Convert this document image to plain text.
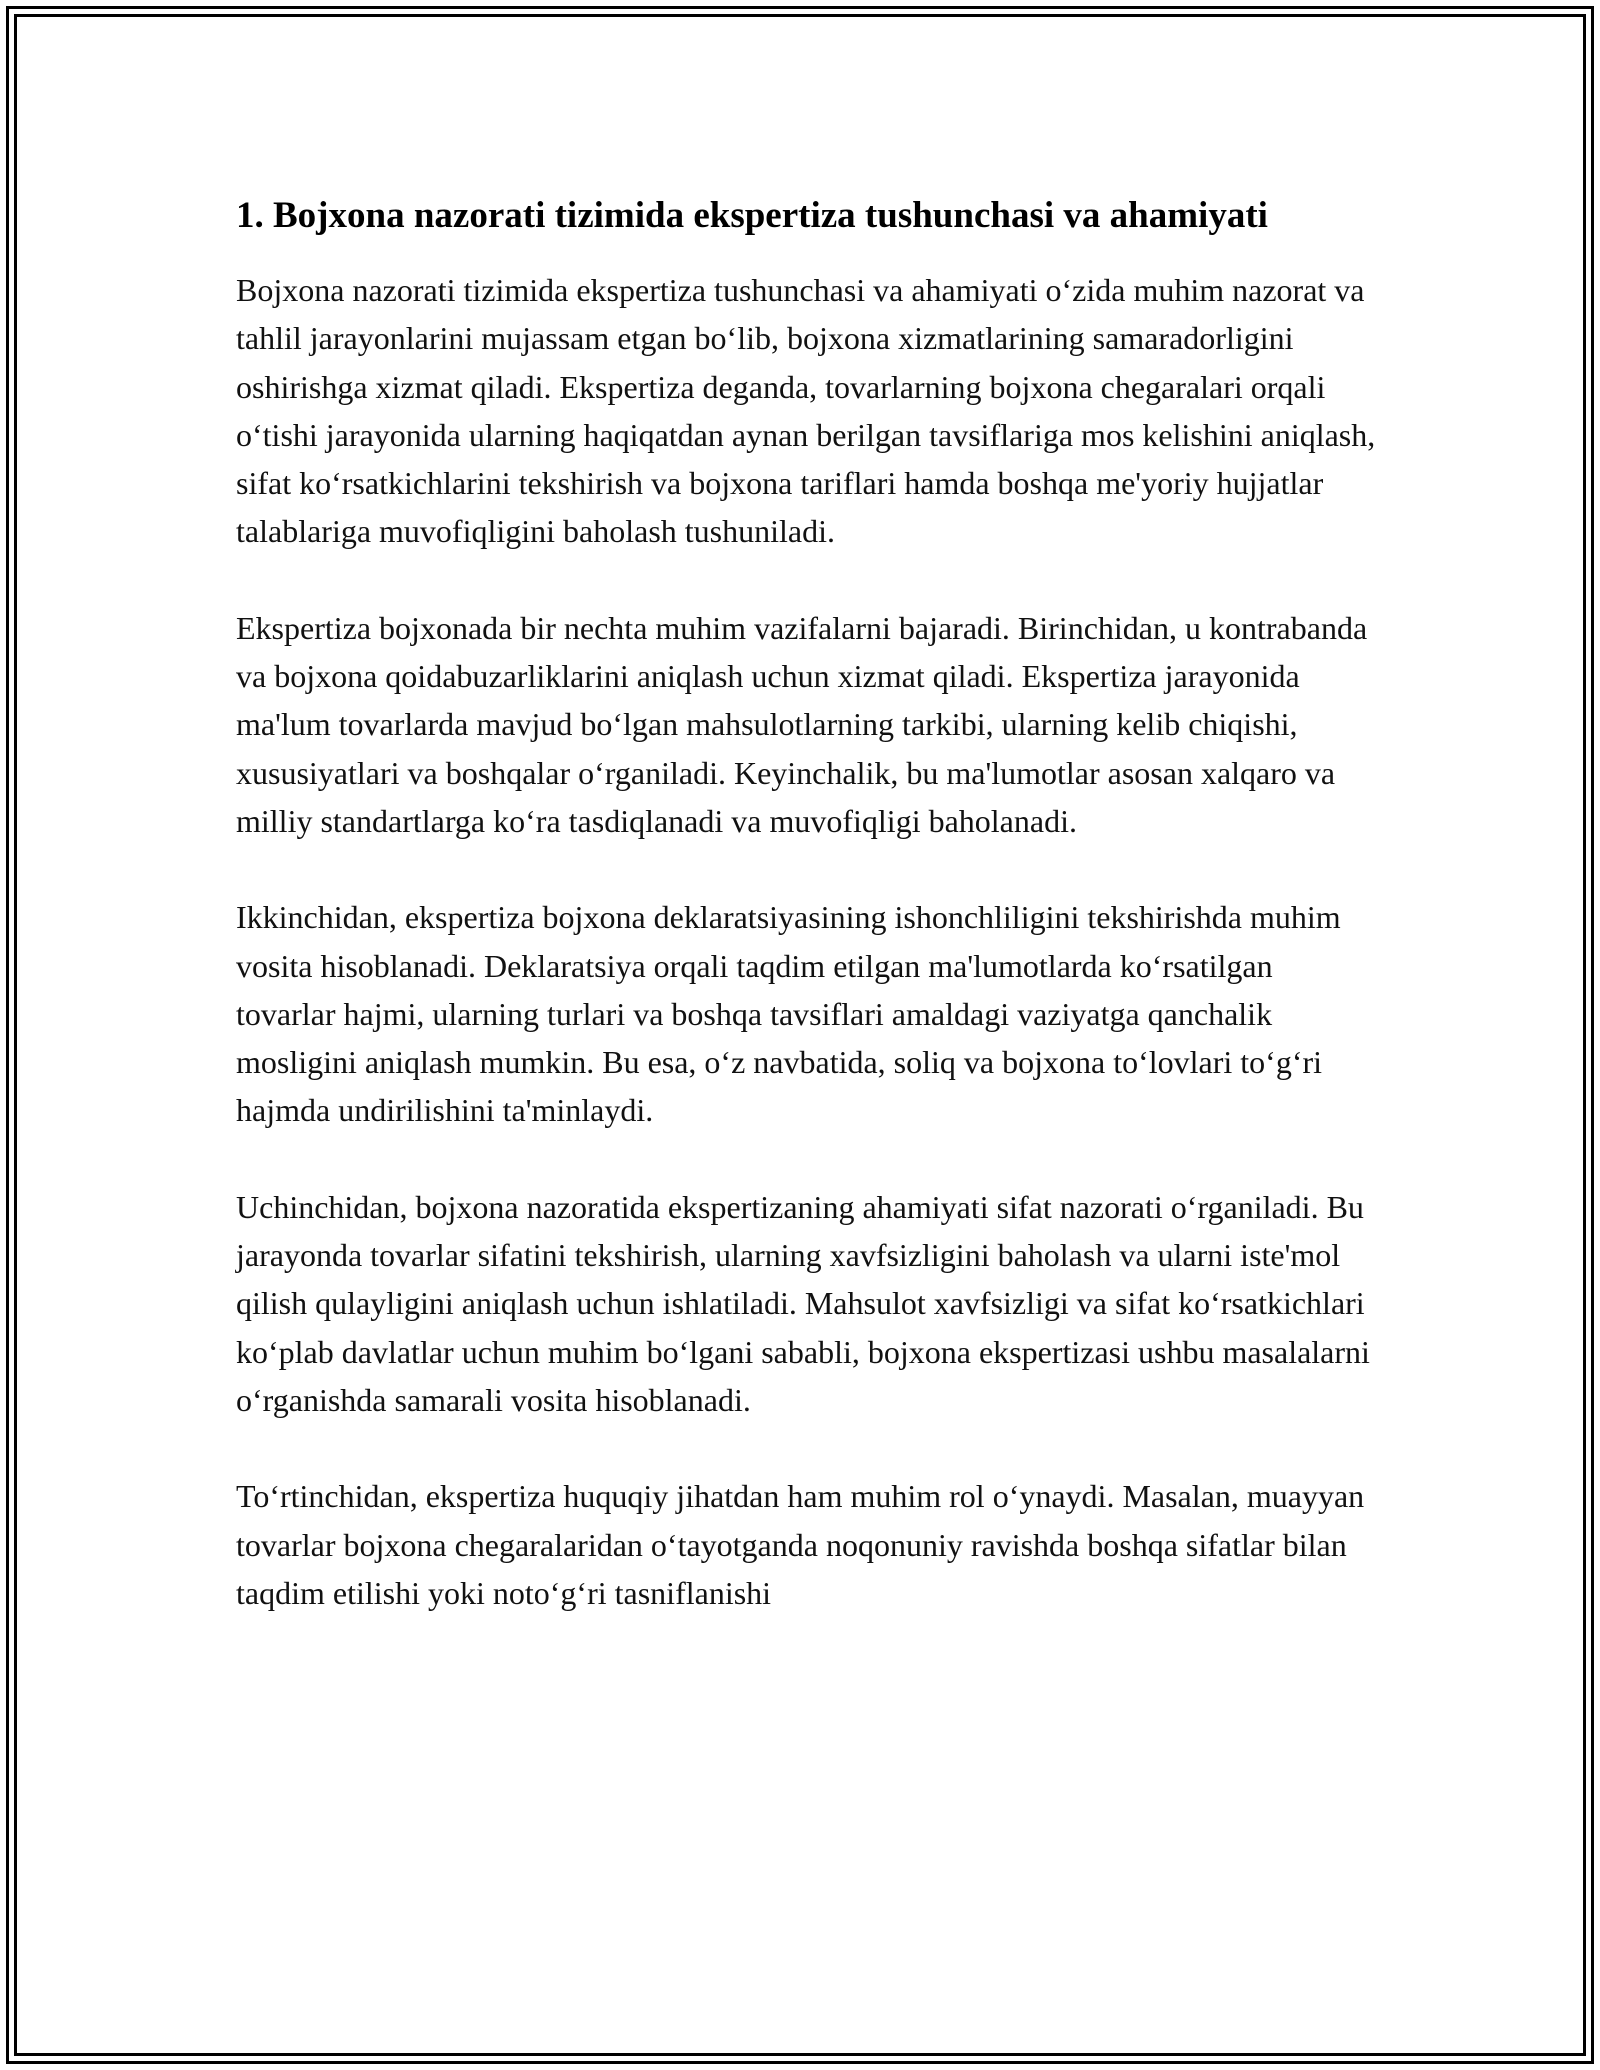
1. Bojxona nazorati tizimida ekspertiza tushunchasi va ahamiyati

Bojxona nazorati tizimida ekspertiza tushunchasi va ahamiyati o‘zida muhim nazorat va tahlil jarayonlarini mujassam etgan bo‘lib, bojxona xizmatlarining samaradorligini oshirishga xizmat qiladi. Ekspertiza deganda, tovarlarning bojxona chegaralari orqali o‘tishi jarayonida ularning haqiqatdan aynan berilgan tavsiflariga mos kelishini aniqlash, sifat ko‘rsatkichlarini tekshirish va bojxona tariflari hamda boshqa me'yoriy hujjatlar talablariga muvofiqligini baholash tushuniladi.

Ekspertiza bojxonada bir nechta muhim vazifalarni bajaradi. Birinchidan, u kontrabanda va bojxona qoidabuzarliklarini aniqlash uchun xizmat qiladi. Ekspertiza jarayonida ma'lum tovarlarda mavjud bo‘lgan mahsulotlarning tarkibi, ularning kelib chiqishi, xususiyatlari va boshqalar o‘rganiladi. Keyinchalik, bu ma'lumotlar asosan xalqaro va milliy standartlarga ko‘ra tasdiqlanadi va muvofiqligi baholanadi.

Ikkinchidan, ekspertiza bojxona deklaratsiyasining ishonchliligini tekshirishda muhim vosita hisoblanadi. Deklaratsiya orqali taqdim etilgan ma'lumotlarda ko‘rsatilgan tovarlar hajmi, ularning turlari va boshqa tavsiflari amaldagi vaziyatga qanchalik mosligini aniqlash mumkin. Bu esa, o‘z navbatida, soliq va bojxona to‘lovlari to‘g‘ri hajmda undirilishini ta'minlaydi.

Uchinchidan, bojxona nazoratida ekspertizaning ahamiyati sifat nazorati o‘rganiladi. Bu jarayonda tovarlar sifatini tekshirish, ularning xavfsizligini baholash va ularni iste'mol qilish qulayligini aniqlash uchun ishlatiladi. Mahsulot xavfsizligi va sifat ko‘rsatkichlari ko‘plab davlatlar uchun muhim bo‘lgani sababli, bojxona ekspertizasi ushbu masalalarni o‘rganishda samarali vosita hisoblanadi.

To‘rtinchidan, ekspertiza huquqiy jihatdan ham muhim rol o‘ynaydi. Masalan, muayyan tovarlar bojxona chegaralaridan o‘tayotganda noqonuniy ravishda boshqa sifatlar bilan taqdim etilishi yoki noto‘g‘ri tasniflanishi
